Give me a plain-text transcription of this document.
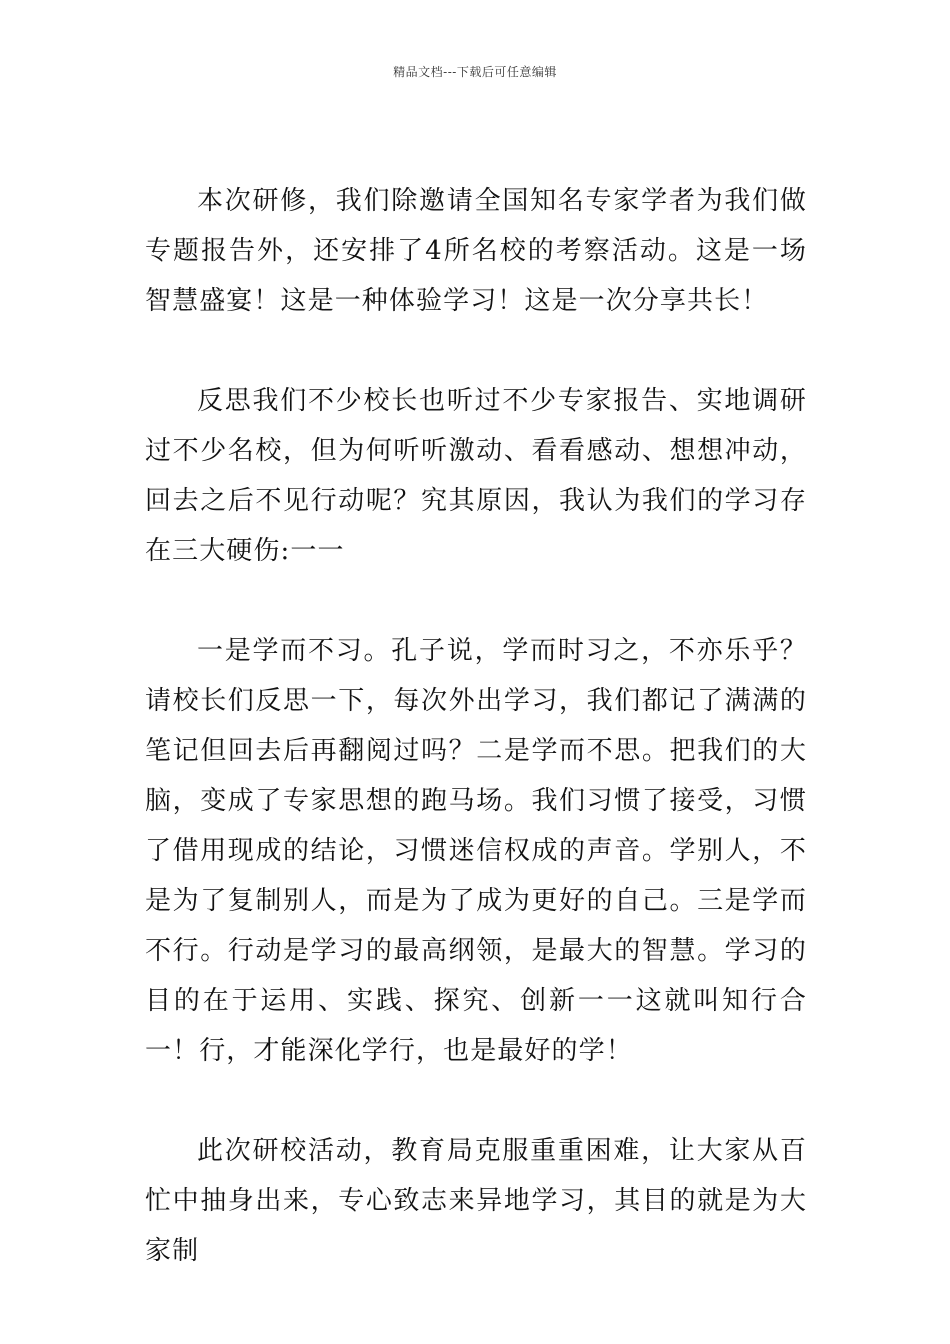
精品文档---下载后可任意编辑

本次研修，我们除邀请全国知名专家学者为我们做专题报告外，还安排了4所名校的考察活动。这是一场智慧盛宴！这是一种体验学习！这是一次分享共长！

反思我们不少校长也听过不少专家报告、实地调研过不少名校，但为何听听激动、看看感动、想想冲动，回去之后不见行动呢？究其原因，我认为我们的学习存在三大硬伤:一一

一是学而不习。孔子说，学而时习之，不亦乐乎？请校长们反思一下，每次外出学习，我们都记了满满的笔记但回去后再翻阅过吗？二是学而不思。把我们的大脑，变成了专家思想的跑马场。我们习惯了接受，习惯了借用现成的结论，习惯迷信权成的声音。学别人，不是为了复制别人，而是为了成为更好的自己。三是学而不行。行动是学习的最高纲领，是最大的智慧。学习的目的在于运用、实践、探究、创新一一这就叫知行合一！行，才能深化学行，也是最好的学！

此次研校活动，教育局克服重重困难，让大家从百忙中抽身出来，专心致志来异地学习，其目的就是为大家制
